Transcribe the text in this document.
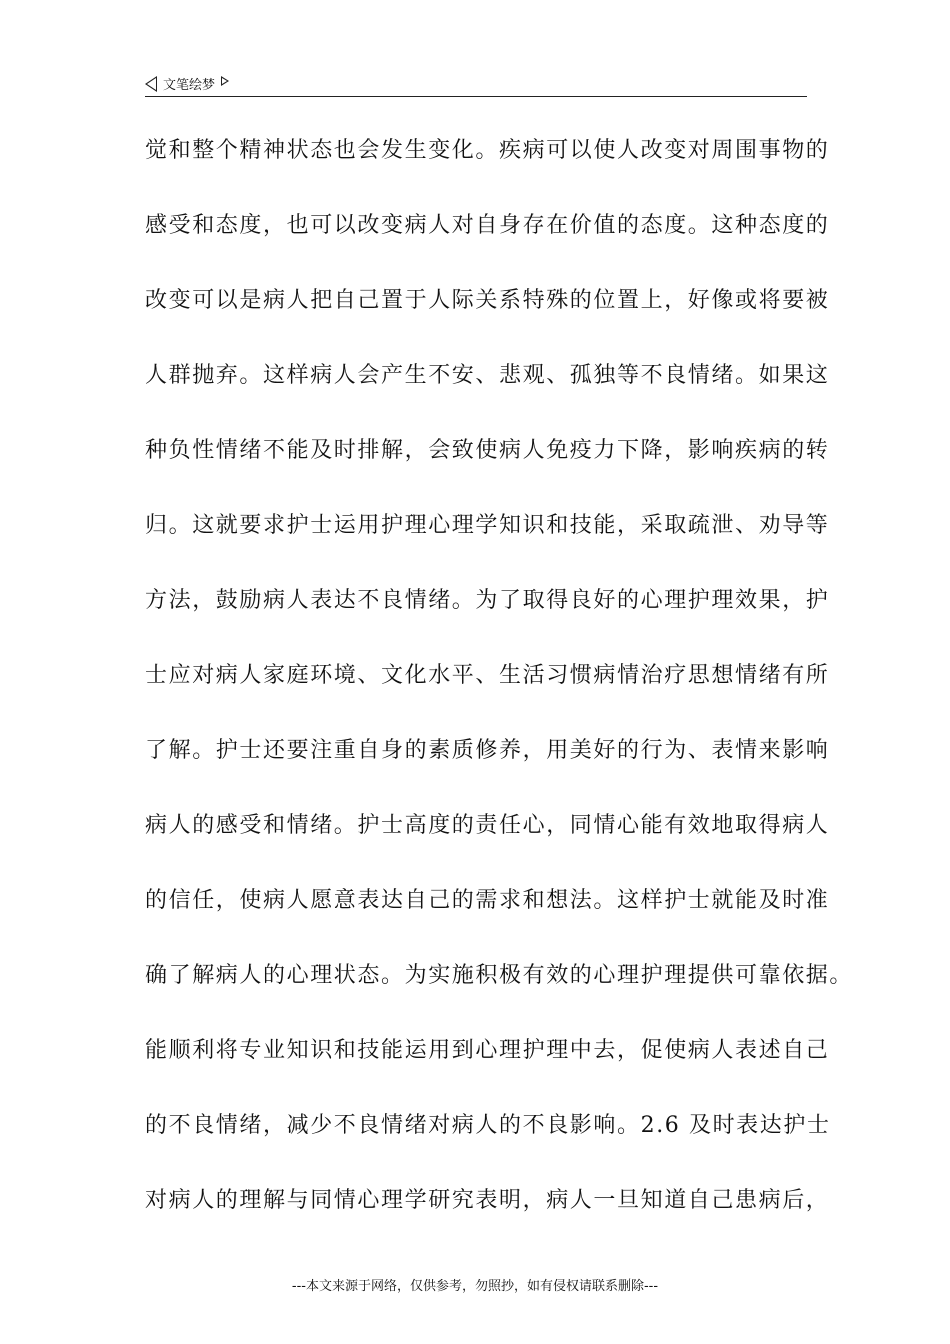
文笔绘梦
觉和整个精神状态也会发生变化。疾病可以使人改变对周围事物的
感受和态度，也可以改变病人对自身存在价值的态度。这种态度的
改变可以是病人把自己置于人际关系特殊的位置上，好像或将要被
人群抛弃。这样病人会产生不安、悲观、孤独等不良情绪。如果这
种负性情绪不能及时排解，会致使病人免疫力下降，影响疾病的转
归。这就要求护士运用护理心理学知识和技能，采取疏泄、劝导等
方法，鼓励病人表达不良情绪。为了取得良好的心理护理效果，护
士应对病人家庭环境、文化水平、生活习惯病情治疗思想情绪有所
了解。护士还要注重自身的素质修养，用美好的行为、表情来影响
病人的感受和情绪。护士高度的责任心，同情心能有效地取得病人
的信任，使病人愿意表达自己的需求和想法。这样护士就能及时准
确了解病人的心理状态。为实施积极有效的心理护理提供可靠依据。
能顺利将专业知识和技能运用到心理护理中去，促使病人表述自己
的不良情绪，减少不良情绪对病人的不良影响。2.6 及时表达护士
对病人的理解与同情心理学研究表明，病人一旦知道自己患病后，
---本文来源于网络，仅供参考，勿照抄，如有侵权请联系删除---
